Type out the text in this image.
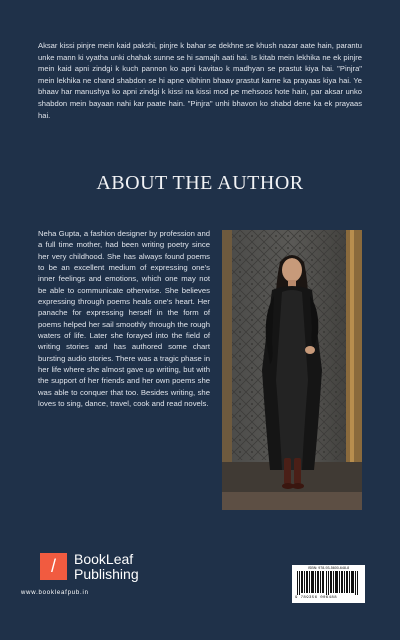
Aksar kissi pinjre mein kaid pakshi, pinjre k bahar se dekhne se khush nazar aate hain, parantu unke mann ki vyatha unki chahak sunne se hi samajh aati hai. Is kitab mein lekhika ne ek pinjre mein kaid apni zindgi k kuch pannon ko apni kavitao k madhyan se prastut kiya hai. "Pinjra" mein lekhika ne chand shabdon se hi apne vibhinn bhaav prastut karne ka prayaas kiya hai. Ye bhaav har manushya ko apni zindgi k kissi na kissi mod pe mehsoos hote hain, par aksar unko shabdon mein bayaan nahi kar paate hain. "Pinjra" unhi bhavon ko shabd dene ka ek prayaas hai.

ABOUT THE AUTHOR

Neha Gupta, a fashion designer by profession and a full time mother, had been writing poetry since her very childhood. She has always found poems to be an excellent medium of expressing one's inner feelings and emotions, which one may not be able to communicate otherwise. She believes expressing through poems heals one's heart. Her panache for expressing herself in the form of poems helped her sail smoothly through the rough waters of life. Later she forayed into the field of writing stories and has authored some chart bursting audio stories. There was a tragic phase in her life where she almost gave up writing, but with the support of her friends and her own poems she was able to conquer that too. Besides writing, she loves to sing, dance, travel, cook and read novels.

/	BookLeaf
Publishing
www.bookleafpub.in
ISBN: 978-93-5600-648-8
9 789356 006488
